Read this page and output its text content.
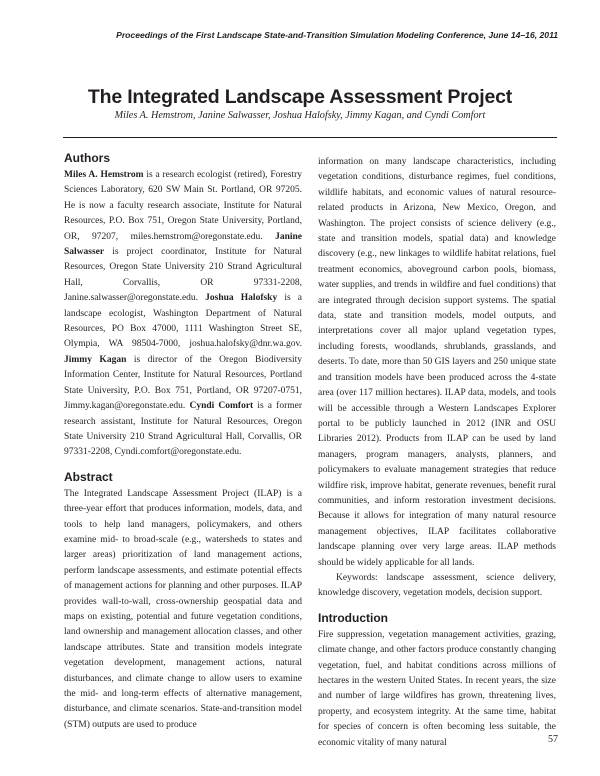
Proceedings of the First Landscape State-and-Transition Simulation Modeling Conference, June 14–16, 2011
The Integrated Landscape Assessment Project
Miles A. Hemstrom, Janine Salwasser, Joshua Halofsky, Jimmy Kagan, and Cyndi Comfort
Authors

Miles A. Hemstrom is a research ecologist (retired), Forestry Sciences Laboratory, 620 SW Main St. Portland, OR 97205. He is now a faculty research associate, Institute for Natural Resources, P.O. Box 751, Oregon State University, Portland, OR, 97207, miles.hemstrom@oregonstate.edu. Janine Salwasser is project coordinator, Institute for Natural Resources, Oregon State University 210 Strand Agricultural Hall, Corvallis, OR 97331-2208, Janine.salwasser@oregonstate.edu. Joshua Halofsky is a landscape ecologist, Washington Department of Natural Resources, PO Box 47000, 1111 Washington Street SE, Olympia, WA 98504-7000, joshua.halofsky@dnr.wa.gov. Jimmy Kagan is director of the Oregon Biodiversity Information Center, Institute for Natural Resources, Portland State University, P.O. Box 751, Portland, OR 97207-0751, Jimmy.kagan@oregonstate.edu. Cyndi Comfort is a former research assistant, Institute for Natural Resources, Oregon State University 210 Strand Agricultural Hall, Corvallis, OR 97331-2208, Cyndi.comfort@oregonstate.edu.

Abstract

The Integrated Landscape Assessment Project (ILAP) is a three-year effort that produces information, models, data, and tools to help land managers, policymakers, and others examine mid- to broad-scale (e.g., watersheds to states and larger areas) prioritization of land management actions, perform landscape assessments, and estimate potential effects of management actions for planning and other purposes. ILAP provides wall-to-wall, cross-ownership geospatial data and maps on existing, potential and future vegetation conditions, land ownership and management allocation classes, and other landscape attributes. State and transition models integrate vegetation development, management actions, natural disturbances, and climate change to allow users to examine the mid- and long-term effects of alternative management, disturbance, and climate scenarios. State-and-transition model (STM) outputs are used to produce

information on many landscape characteristics, including vegetation conditions, disturbance regimes, fuel conditions, wildlife habitats, and economic values of natural resource-related products in Arizona, New Mexico, Oregon, and Washington. The project consists of science delivery (e.g., state and transition models, spatial data) and knowledge discovery (e.g., new linkages to wildlife habitat relations, fuel treatment economics, aboveground carbon pools, biomass, water supplies, and trends in wildfire and fuel conditions) that are integrated through decision support systems. The spatial data, state and transition models, model outputs, and interpretations cover all major upland vegetation types, including forests, woodlands, shrublands, grasslands, and deserts. To date, more than 50 GIS layers and 250 unique state and transition models have been produced across the 4-state area (over 117 million hectares). ILAP data, models, and tools will be accessible through a Western Landscapes Explorer portal to be publicly launched in 2012 (INR and OSU Libraries 2012). Products from ILAP can be used by land managers, program managers, analysts, planners, and policymakers to evaluate management strategies that reduce wildfire risk, improve habitat, generate revenues, benefit rural communities, and inform restoration investment decisions. Because it allows for integration of many natural resource management objectives, ILAP facilitates collaborative landscape planning over very large areas. ILAP methods should be widely applicable for all lands.

Keywords: landscape assessment, science delivery, knowledge discovery, vegetation models, decision support.

Introduction

Fire suppression, vegetation management activities, grazing, climate change, and other factors produce constantly changing vegetation, fuel, and habitat conditions across millions of hectares in the western United States. In recent years, the size and number of large wildfires has grown, threatening lives, property, and ecosystem integrity. At the same time, habitat for species of concern is often becoming less suitable, the economic vitality of many natural	57
